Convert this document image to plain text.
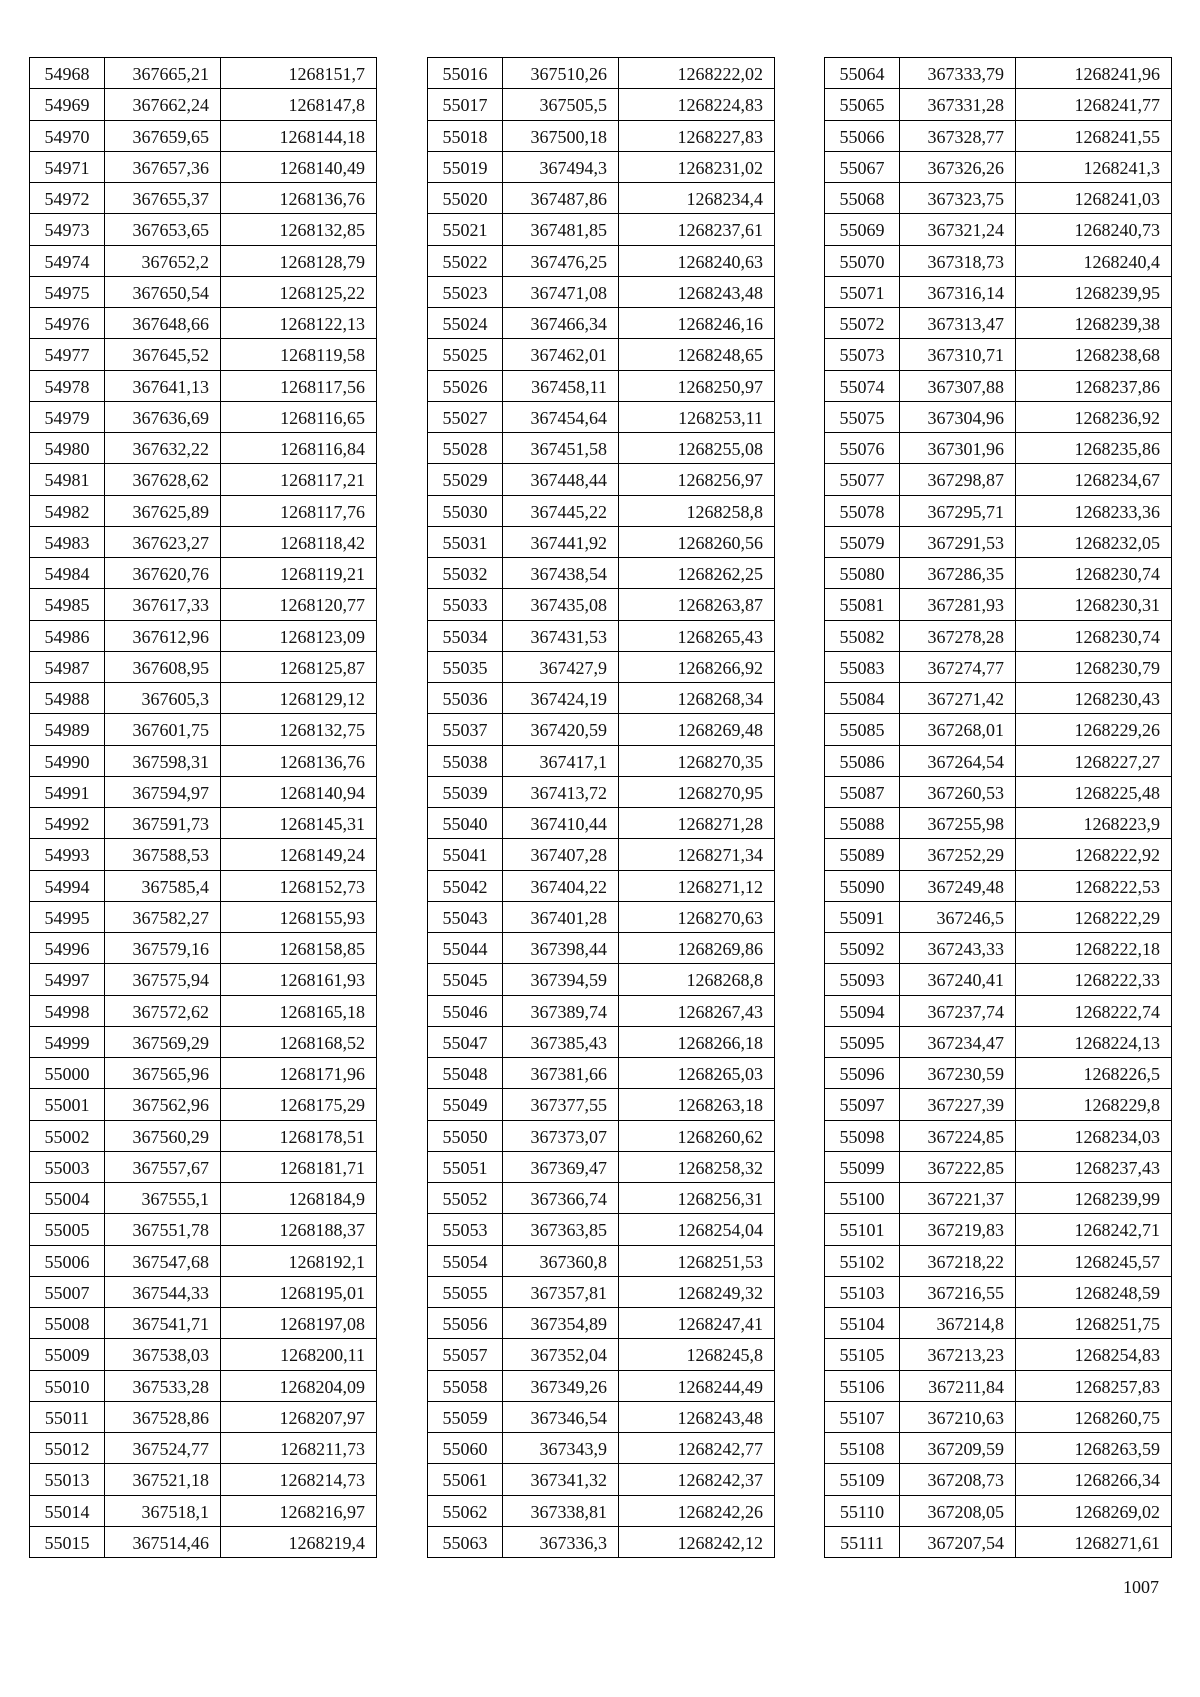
54968	367665,21	1268151,7
54969	367662,24	1268147,8
54970	367659,65	1268144,18
54971	367657,36	1268140,49
54972	367655,37	1268136,76
54973	367653,65	1268132,85
54974	367652,2	1268128,79
54975	367650,54	1268125,22
54976	367648,66	1268122,13
54977	367645,52	1268119,58
54978	367641,13	1268117,56
54979	367636,69	1268116,65
54980	367632,22	1268116,84
54981	367628,62	1268117,21
54982	367625,89	1268117,76
54983	367623,27	1268118,42
54984	367620,76	1268119,21
54985	367617,33	1268120,77
54986	367612,96	1268123,09
54987	367608,95	1268125,87
54988	367605,3	1268129,12
54989	367601,75	1268132,75
54990	367598,31	1268136,76
54991	367594,97	1268140,94
54992	367591,73	1268145,31
54993	367588,53	1268149,24
54994	367585,4	1268152,73
54995	367582,27	1268155,93
54996	367579,16	1268158,85
54997	367575,94	1268161,93
54998	367572,62	1268165,18
54999	367569,29	1268168,52
55000	367565,96	1268171,96
55001	367562,96	1268175,29
55002	367560,29	1268178,51
55003	367557,67	1268181,71
55004	367555,1	1268184,9
55005	367551,78	1268188,37
55006	367547,68	1268192,1
55007	367544,33	1268195,01
55008	367541,71	1268197,08
55009	367538,03	1268200,11
55010	367533,28	1268204,09
55011	367528,86	1268207,97
55012	367524,77	1268211,73
55013	367521,18	1268214,73
55014	367518,1	1268216,97
55015	367514,46	1268219,4
55016	367510,26	1268222,02
55017	367505,5	1268224,83
55018	367500,18	1268227,83
55019	367494,3	1268231,02
55020	367487,86	1268234,4
55021	367481,85	1268237,61
55022	367476,25	1268240,63
55023	367471,08	1268243,48
55024	367466,34	1268246,16
55025	367462,01	1268248,65
55026	367458,11	1268250,97
55027	367454,64	1268253,11
55028	367451,58	1268255,08
55029	367448,44	1268256,97
55030	367445,22	1268258,8
55031	367441,92	1268260,56
55032	367438,54	1268262,25
55033	367435,08	1268263,87
55034	367431,53	1268265,43
55035	367427,9	1268266,92
55036	367424,19	1268268,34
55037	367420,59	1268269,48
55038	367417,1	1268270,35
55039	367413,72	1268270,95
55040	367410,44	1268271,28
55041	367407,28	1268271,34
55042	367404,22	1268271,12
55043	367401,28	1268270,63
55044	367398,44	1268269,86
55045	367394,59	1268268,8
55046	367389,74	1268267,43
55047	367385,43	1268266,18
55048	367381,66	1268265,03
55049	367377,55	1268263,18
55050	367373,07	1268260,62
55051	367369,47	1268258,32
55052	367366,74	1268256,31
55053	367363,85	1268254,04
55054	367360,8	1268251,53
55055	367357,81	1268249,32
55056	367354,89	1268247,41
55057	367352,04	1268245,8
55058	367349,26	1268244,49
55059	367346,54	1268243,48
55060	367343,9	1268242,77
55061	367341,32	1268242,37
55062	367338,81	1268242,26
55063	367336,3	1268242,12
55064	367333,79	1268241,96
55065	367331,28	1268241,77
55066	367328,77	1268241,55
55067	367326,26	1268241,3
55068	367323,75	1268241,03
55069	367321,24	1268240,73
55070	367318,73	1268240,4
55071	367316,14	1268239,95
55072	367313,47	1268239,38
55073	367310,71	1268238,68
55074	367307,88	1268237,86
55075	367304,96	1268236,92
55076	367301,96	1268235,86
55077	367298,87	1268234,67
55078	367295,71	1268233,36
55079	367291,53	1268232,05
55080	367286,35	1268230,74
55081	367281,93	1268230,31
55082	367278,28	1268230,74
55083	367274,77	1268230,79
55084	367271,42	1268230,43
55085	367268,01	1268229,26
55086	367264,54	1268227,27
55087	367260,53	1268225,48
55088	367255,98	1268223,9
55089	367252,29	1268222,92
55090	367249,48	1268222,53
55091	367246,5	1268222,29
55092	367243,33	1268222,18
55093	367240,41	1268222,33
55094	367237,74	1268222,74
55095	367234,47	1268224,13
55096	367230,59	1268226,5
55097	367227,39	1268229,8
55098	367224,85	1268234,03
55099	367222,85	1268237,43
55100	367221,37	1268239,99
55101	367219,83	1268242,71
55102	367218,22	1268245,57
55103	367216,55	1268248,59
55104	367214,8	1268251,75
55105	367213,23	1268254,83
55106	367211,84	1268257,83
55107	367210,63	1268260,75
55108	367209,59	1268263,59
55109	367208,73	1268266,34
55110	367208,05	1268269,02
55111	367207,54	1268271,61
1007
